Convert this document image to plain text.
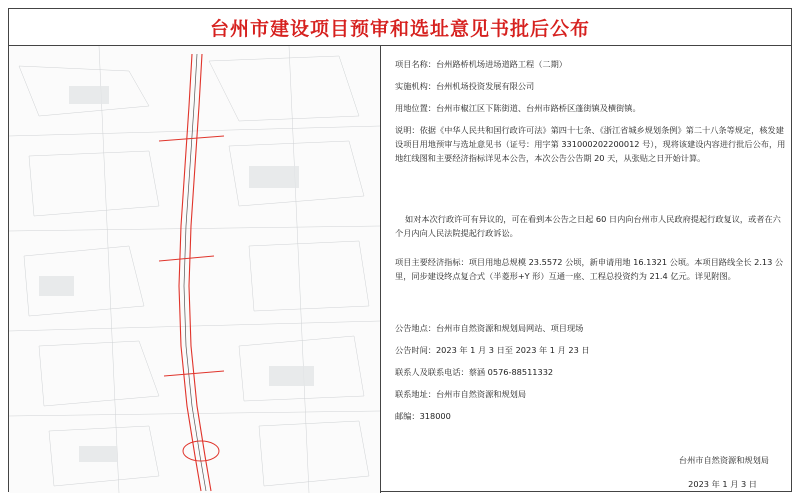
台州市建设项目预审和选址意见书批后公布
项目名称：台州路桥机场进场道路工程（二期）
实施机构：台州机场投资发展有限公司
用地位置：台州市椒江区下陈街道、台州市路桥区蓬街镇及横街镇。
说明：依据《中华人民共和国行政许可法》第四十七条、《浙江省城乡规划条例》第二十八条等规定，核发建设项目用地预审与选址意见书（证号：用字第 331000202200012 号），现将该建设内容进行批后公布，用地红线图和主要经济指标详见本公告，本次公告公告期 20 天，从张贴之日开始计算。
如对本次行政许可有异议的，可在看到本公告之日起 60 日内向台州市人民政府提起行政复议，或者在六个月内向人民法院提起行政诉讼。
项目主要经济指标：项目用地总规模 23.5572 公顷，新申请用地 16.1321 公顷。本项目路线全长 2.13 公里，同步建设终点复合式（半菱形+Y 形）互通一座、工程总投资约为 21.4 亿元。详见附图。
公告地点：台州市自然资源和规划局网站、项目现场
公告时间：2023 年 1 月 3 日至 2023 年 1 月 23 日
联系人及联系电话：蔡涵 0576-88511332
联系地址：台州市自然资源和规划局
邮编：318000
台州市自然资源和规划局
2023 年 1 月 3 日
